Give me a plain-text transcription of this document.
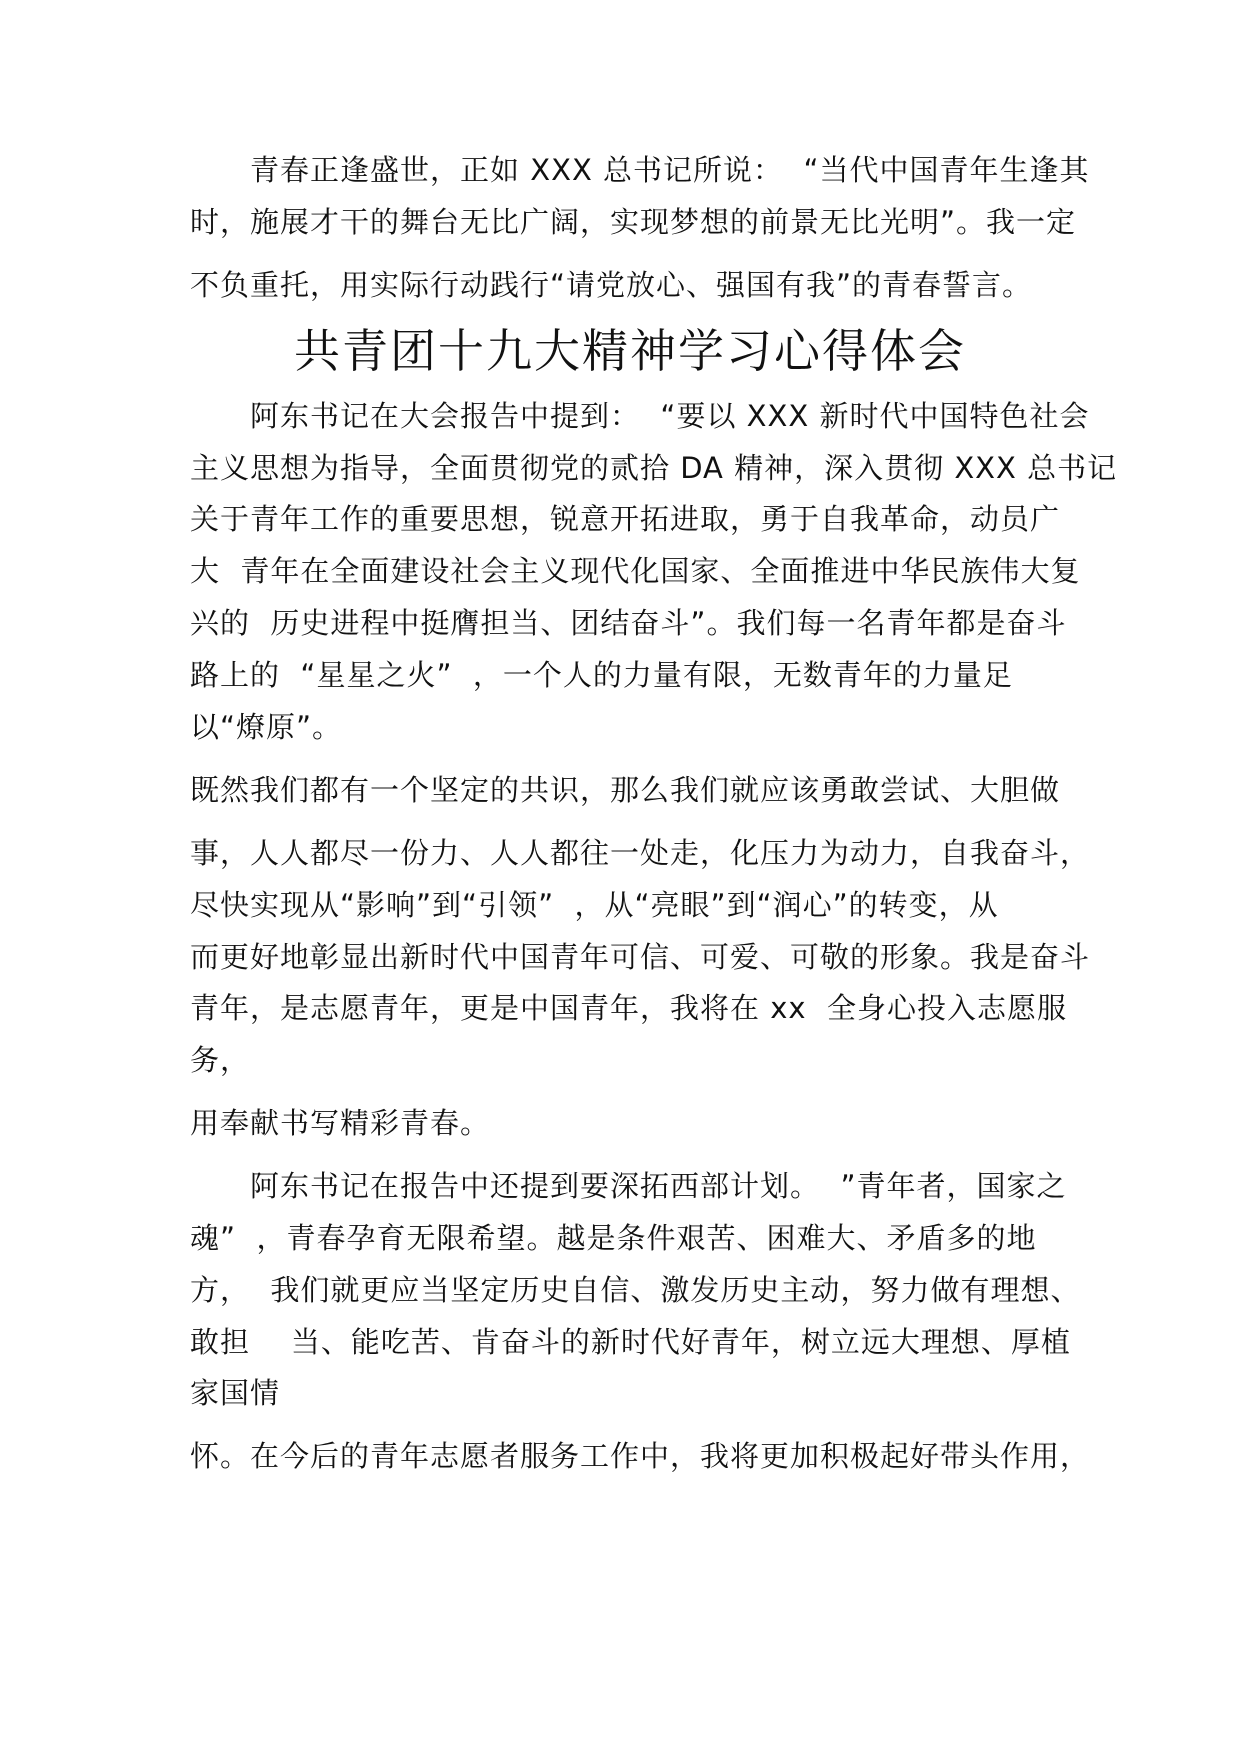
　　青春正逢盛世，正如 XXX 总书记所说：  “当代中国青年生逢其
时，施展才干的舞台无比广阔，实现梦想的前景无比光明”。我一定
不负重托，用实际行动践行“请党放心、强国有我”的青春誓言。
共青团十九大精神学习心得体会
　　阿东书记在大会报告中提到：  “要以 XXX 新时代中国特色社会
主义思想为指导，全面贯彻党的贰拾 DA 精神，深入贯彻 XXX 总书记
关于青年工作的重要思想，锐意开拓进取，勇于自我革命，动员广
大  青年在全面建设社会主义现代化国家、全面推进中华民族伟大复
兴的  历史进程中挺膺担当、团结奋斗”。我们每一名青年都是奋斗
路上的  “星星之火”  ，一个人的力量有限，无数青年的力量足
以“燎原”。
既然我们都有一个坚定的共识，那么我们就应该勇敢尝试、大胆做
事，人人都尽一份力、人人都往一处走，化压力为动力，自我奋斗，
尽快实现从“影响”到“引领”  ，从“亮眼”到“润心”的转变，从
而更好地彰显出新时代中国青年可信、可爱、可敬的形象。我是奋斗
青年，是志愿青年，更是中国青年，我将在 xx  全身心投入志愿服
务，
用奉献书写精彩青春。
　　阿东书记在报告中还提到要深拓西部计划。  ”青年者，国家之
魂”  ，青春孕育无限希望。越是条件艰苦、困难大、矛盾多的地
方，  我们就更应当坚定历史自信、激发历史主动，努力做有理想、
敢担    当、能吃苦、肯奋斗的新时代好青年，树立远大理想、厚植
家国情
怀。在今后的青年志愿者服务工作中，我将更加积极起好带头作用，
